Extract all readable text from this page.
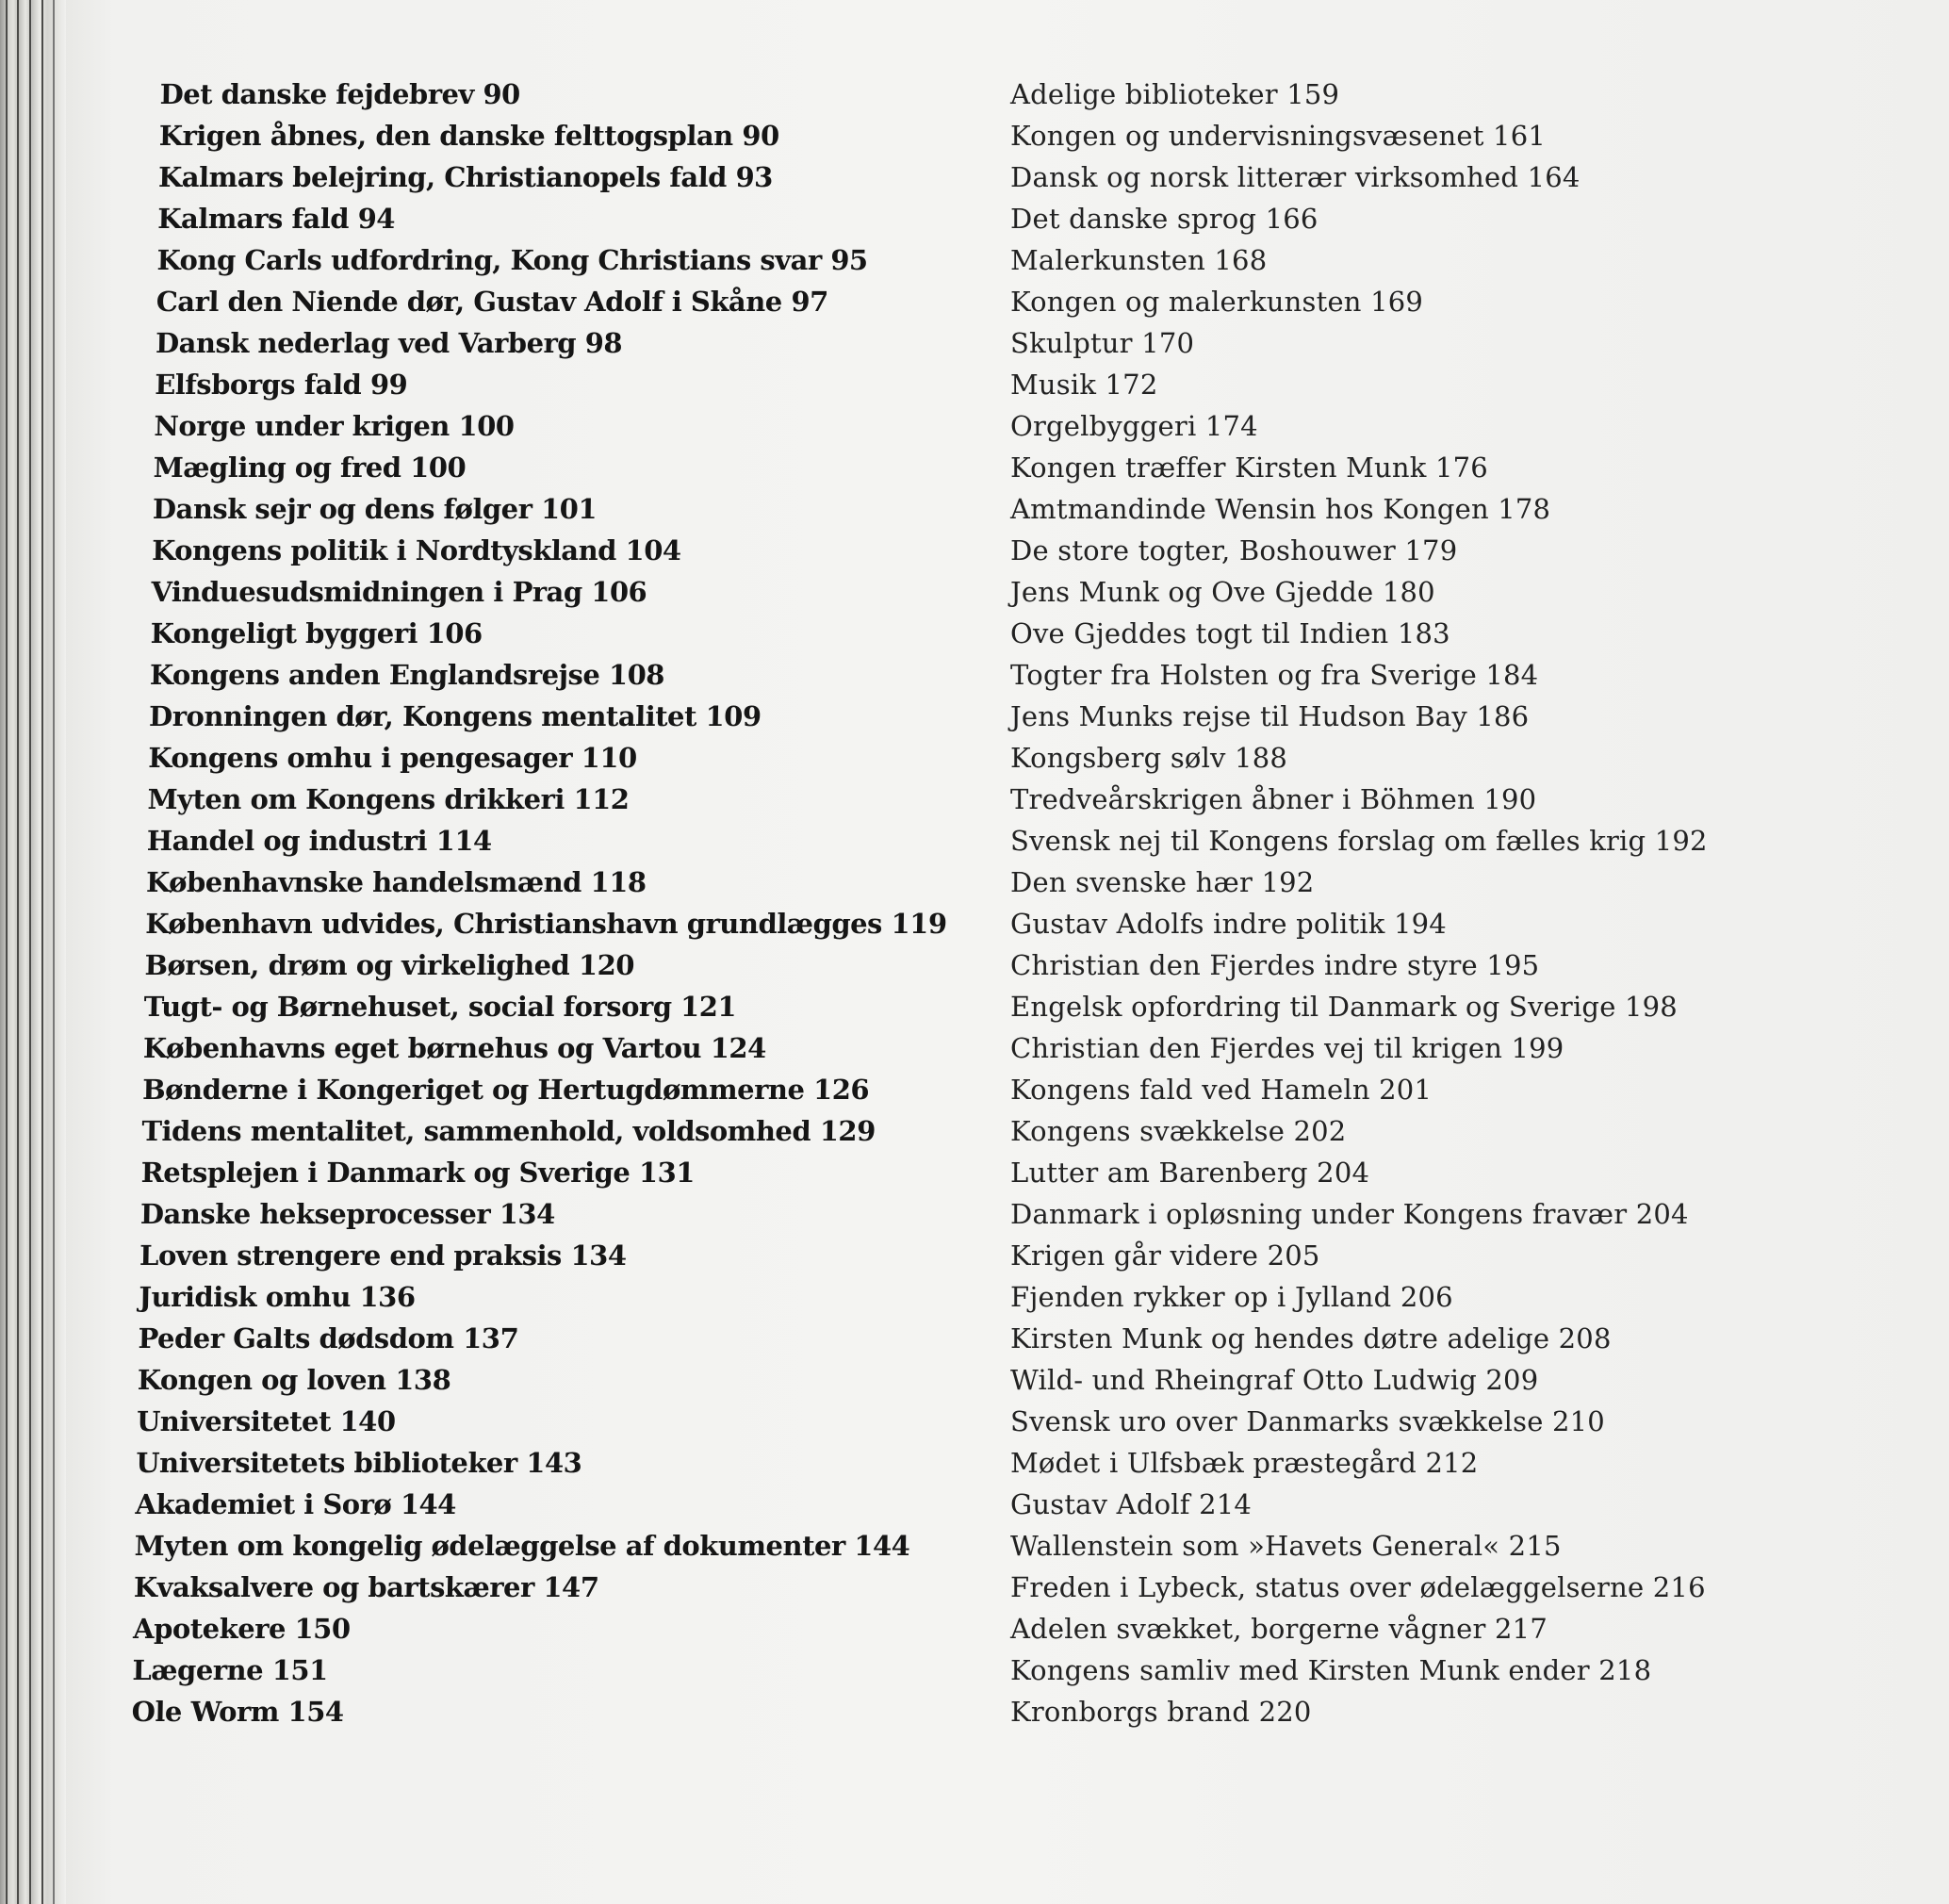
Det danske fejdebrev 90
Krigen åbnes, den danske felttogsplan 90
Kalmars belejring, Christianopels fald 93
Kalmars fald 94
Kong Carls udfordring, Kong Christians svar 95
Carl den Niende dør, Gustav Adolf i Skåne 97
Dansk nederlag ved Varberg 98
Elfsborgs fald 99
Norge under krigen 100
Mægling og fred 100
Dansk sejr og dens følger 101
Kongens politik i Nordtyskland 104
Vinduesudsmidningen i Prag 106
Kongeligt byggeri 106
Kongens anden Englandsrejse 108
Dronningen dør, Kongens mentalitet 109
Kongens omhu i pengesager 110
Myten om Kongens drikkeri 112
Handel og industri 114
Københavnske handelsmænd 118
København udvides, Christianshavn grundlægges 119
Børsen, drøm og virkelighed 120
Tugt- og Børnehuset, social forsorg 121
Københavns eget børnehus og Vartou 124
Bønderne i Kongeriget og Hertugdømmerne 126
Tidens mentalitet, sammenhold, voldsomhed 129
Retsplejen i Danmark og Sverige 131
Danske hekseprocesser 134
Loven strengere end praksis 134
Juridisk omhu 136
Peder Galts dødsdom 137
Kongen og loven 138
Universitetet 140
Universitetets biblioteker 143
Akademiet i Sorø 144
Myten om kongelig ødelæggelse af dokumenter 144
Kvaksalvere og bartskærer 147
Apotekere 150
Lægerne 151
Ole Worm 154
Adelige biblioteker 159
Kongen og undervisningsvæsenet 161
Dansk og norsk litterær virksomhed 164
Det danske sprog 166
Malerkunsten 168
Kongen og malerkunsten 169
Skulptur 170
Musik 172
Orgelbyggeri 174
Kongen træffer Kirsten Munk 176
Amtmandinde Wensin hos Kongen 178
De store togter, Boshouwer 179
Jens Munk og Ove Gjedde 180
Ove Gjeddes togt til Indien 183
Togter fra Holsten og fra Sverige 184
Jens Munks rejse til Hudson Bay 186
Kongsberg sølv 188
Tredveårskrigen åbner i Böhmen 190
Svensk nej til Kongens forslag om fælles krig 192
Den svenske hær 192
Gustav Adolfs indre politik 194
Christian den Fjerdes indre styre 195
Engelsk opfordring til Danmark og Sverige 198
Christian den Fjerdes vej til krigen 199
Kongens fald ved Hameln 201
Kongens svækkelse 202
Lutter am Barenberg 204
Danmark i opløsning under Kongens fravær 204
Krigen går videre 205
Fjenden rykker op i Jylland 206
Kirsten Munk og hendes døtre adelige 208
Wild- und Rheingraf Otto Ludwig 209
Svensk uro over Danmarks svækkelse 210
Mødet i Ulfsbæk præstegård 212
Gustav Adolf 214
Wallenstein som »Havets General« 215
Freden i Lybeck, status over ødelæggelserne 216
Adelen svækket, borgerne vågner 217
Kongens samliv med Kirsten Munk ender 218
Kronborgs brand 220
